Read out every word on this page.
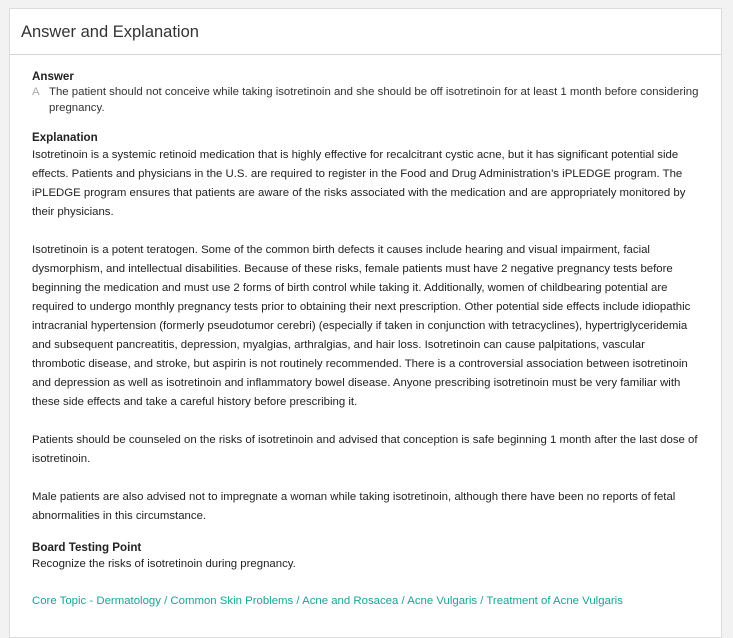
Answer and Explanation

Answer

A The patient should not conceive while taking isotretinoin and she should be off isotretinoin for at least 1 month before considering pregnancy.

Explanation

Isotretinoin is a systemic retinoid medication that is highly effective for recalcitrant cystic acne, but it has significant potential side effects. Patients and physicians in the U.S. are required to register in the Food and Drug Administration’s iPLEDGE program. The iPLEDGE program ensures that patients are aware of the risks associated with the medication and are appropriately monitored by their physicians.

Isotretinoin is a potent teratogen. Some of the common birth defects it causes include hearing and visual impairment, facial dysmorphism, and intellectual disabilities. Because of these risks, female patients must have 2 negative pregnancy tests before beginning the medication and must use 2 forms of birth control while taking it. Additionally, women of childbearing potential are required to undergo monthly pregnancy tests prior to obtaining their next prescription. Other potential side effects include idiopathic intracranial hypertension (formerly pseudotumor cerebri) (especially if taken in conjunction with tetracyclines), hypertriglyceridemia and subsequent pancreatitis, depression, myalgias, arthralgias, and hair loss. Isotretinoin can cause palpitations, vascular thrombotic disease, and stroke, but aspirin is not routinely recommended. There is a controversial association between isotretinoin and depression as well as isotretinoin and inflammatory bowel disease. Anyone prescribing isotretinoin must be very familiar with these side effects and take a careful history before prescribing it.

Patients should be counseled on the risks of isotretinoin and advised that conception is safe beginning 1 month after the last dose of isotretinoin.

Male patients are also advised not to impregnate a woman while taking isotretinoin, although there have been no reports of fetal abnormalities in this circumstance.

Board Testing Point

Recognize the risks of isotretinoin during pregnancy.

Core Topic - Dermatology / Common Skin Problems / Acne and Rosacea / Acne Vulgaris / Treatment of Acne Vulgaris
